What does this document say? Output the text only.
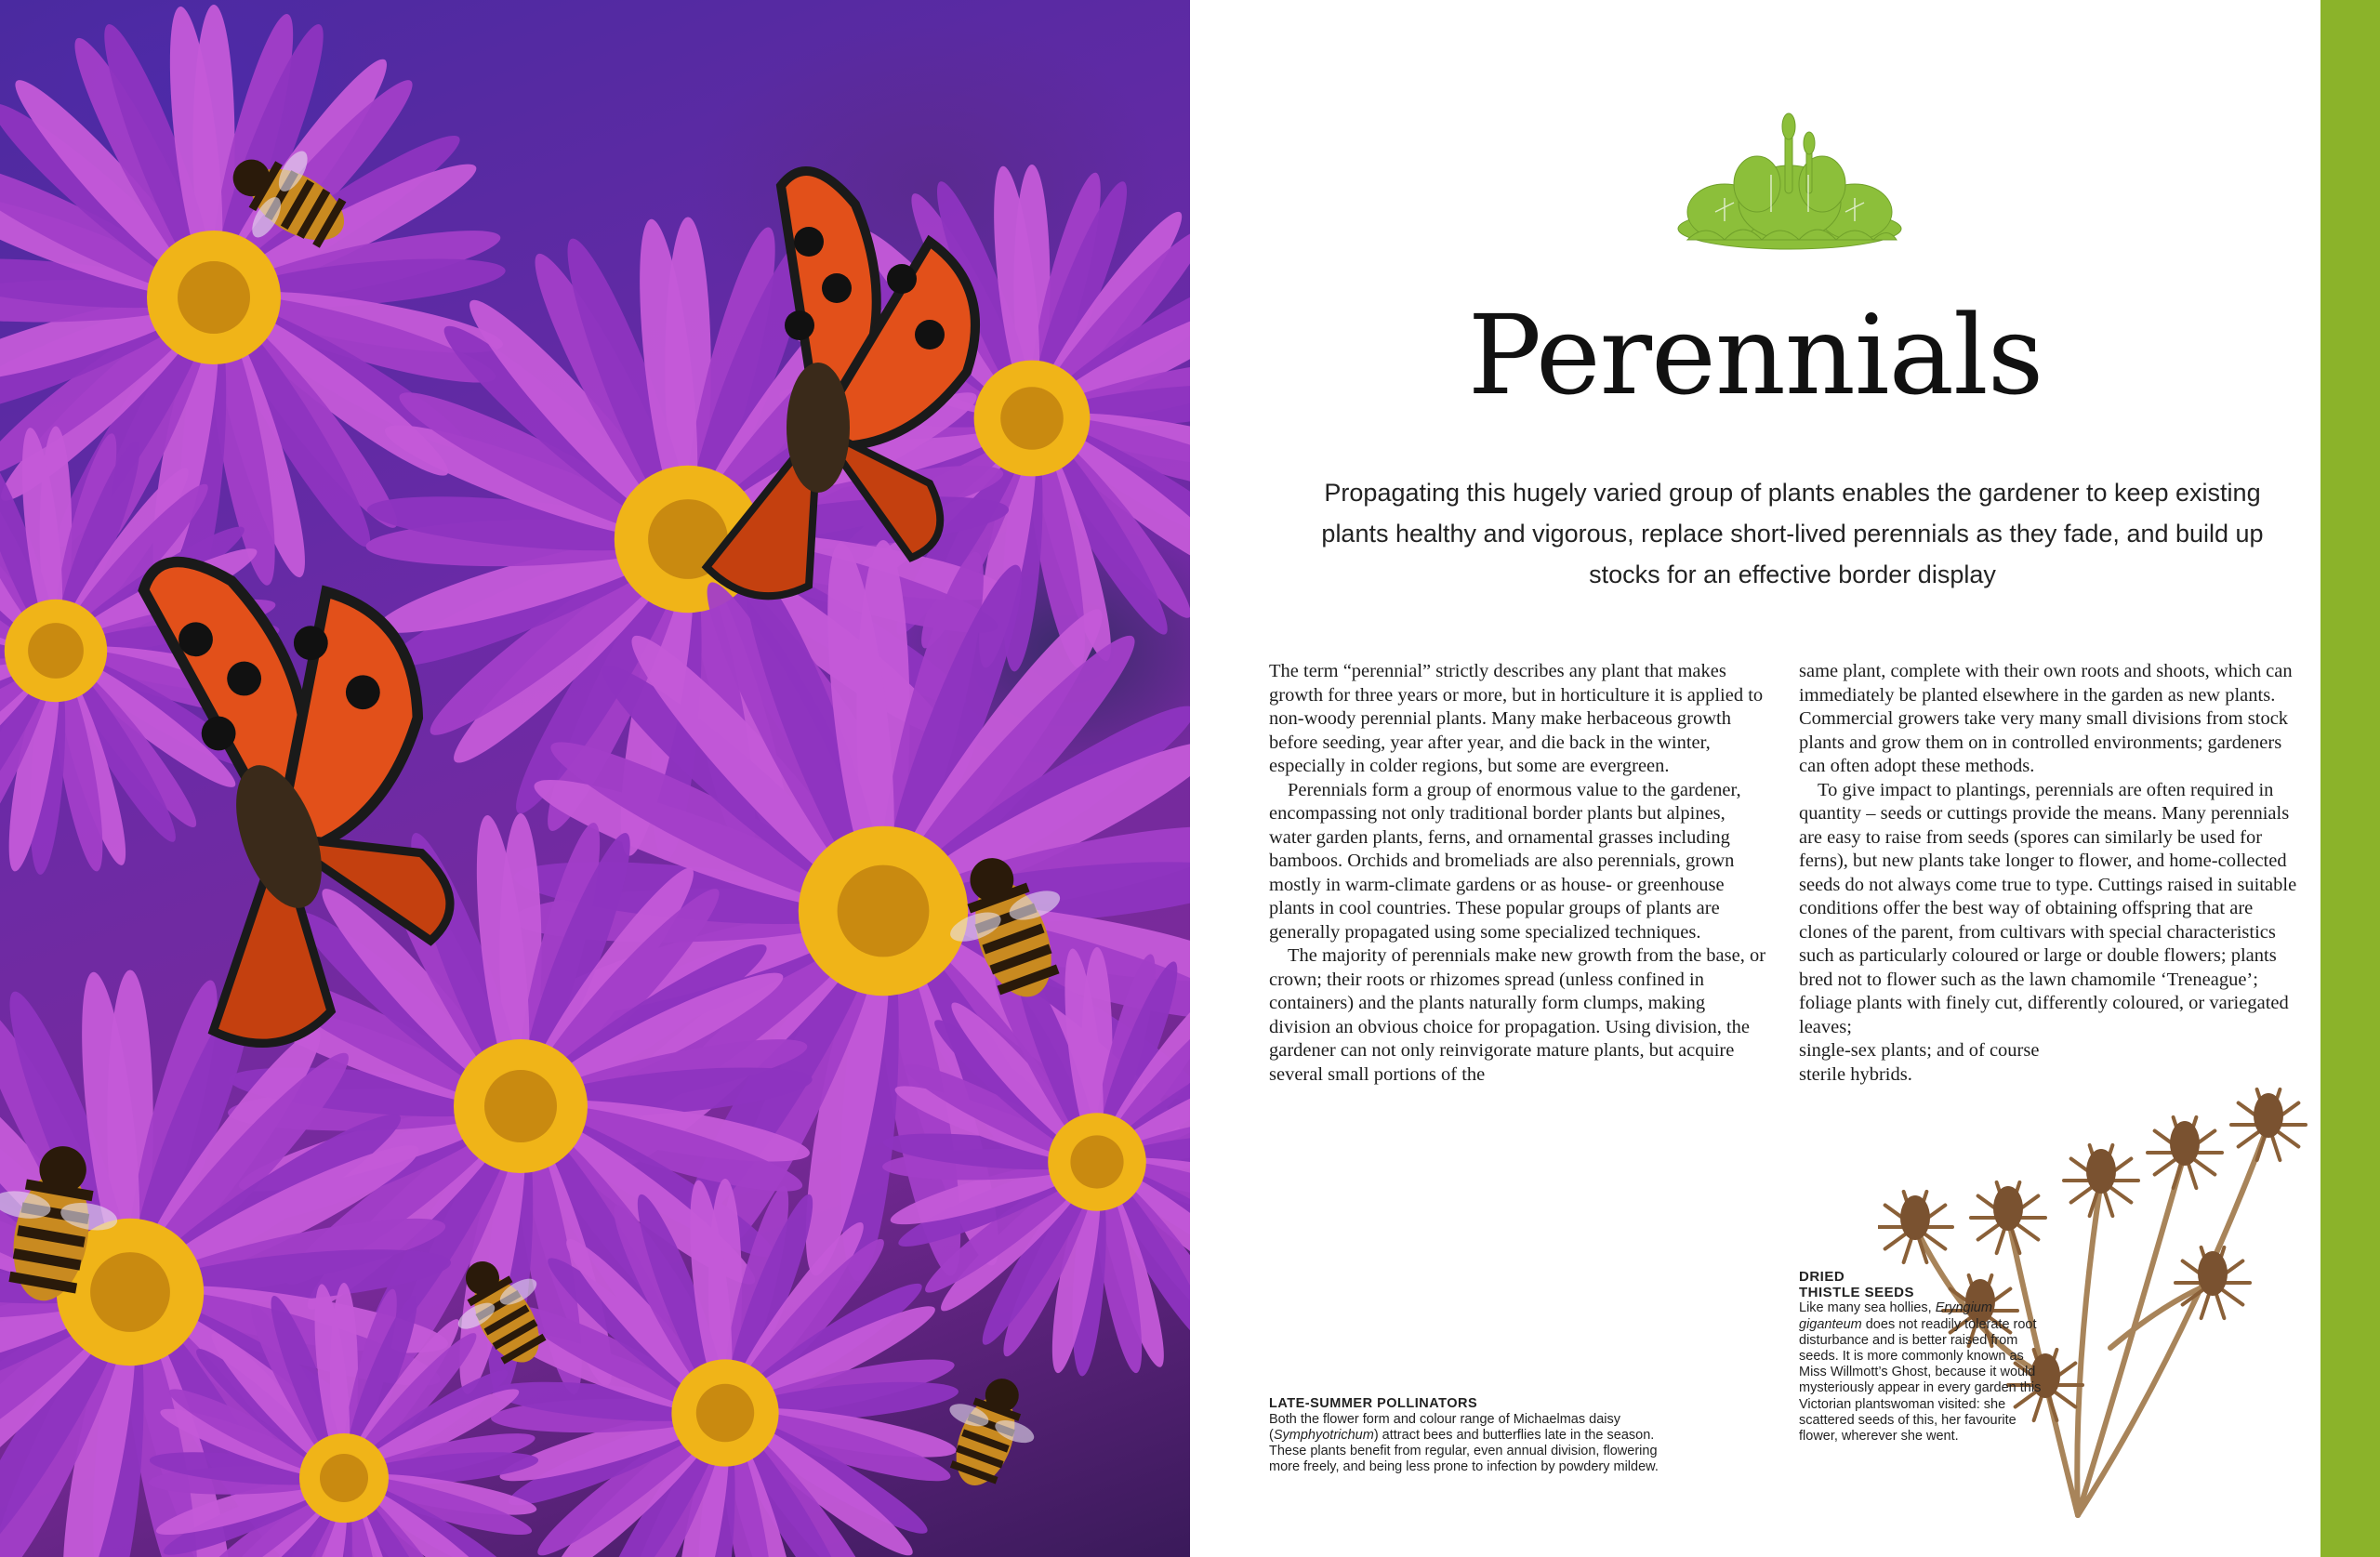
LATE-SUMMER POLLINATORS
Both the flower form and colour range of Michaelmas daisy (Symphyotrichum) attract bees and butterflies late in the season. These plants benefit from regular, even annual division, flowering more freely, and being less prone to infection by powdery mildew.
Perennials
Propagating this hugely varied group of plants enables the gardener to keep existing plants healthy and vigorous, replace short-lived perennials as they fade, and build up stocks for an effective border display

The term “perennial” strictly describes any plant that makes growth for three years or more, but in horticulture it is applied to non-woody perennial plants. Many make herbaceous growth before seeding, year after year, and die back in the winter, especially in colder regions, but some are evergreen.

Perennials form a group of enormous value to the gardener, encompassing not only traditional border plants but alpines, water garden plants, ferns, and ornamental grasses including bamboos. Orchids and bromeliads are also perennials, grown mostly in warm-climate gardens or as house- or greenhouse plants in cool countries. These popular groups of plants are generally propagated using some specialized techniques.

The majority of perennials make new growth from the base, or crown; their roots or rhizomes spread (unless confined in containers) and the plants naturally form clumps, making division an obvious choice for propagation. Using division, the gardener can not only reinvigorate mature plants, but acquire several small portions of the

same plant, complete with their own roots and shoots, which can immediately be planted elsewhere in the garden as new plants. Commercial growers take very many small divisions from stock plants and grow them on in controlled environments; gardeners can often adopt these methods.

To give impact to plantings, perennials are often required in quantity – seeds or cuttings provide the means. Many perennials are easy to raise from seeds (spores can similarly be used for ferns), but new plants take longer to flower, and home-collected seeds do not always come true to type. Cuttings raised in suitable conditions offer the best way of obtaining offspring that are clones of the parent, from cultivars with special characteristics such as particularly coloured or large or double flowers; plants bred not to flower such as the lawn chamomile ‘Treneague’; foliage plants with finely cut, differently coloured, or variegated leaves;

single-sex plants; and of course

sterile hybrids.

DRIED
THISTLE SEEDS
Like many sea hollies, Eryngium giganteum does not readily tolerate root disturbance and is better raised from seeds. It is more commonly known as Miss Willmott’s Ghost, because it would mysteriously appear in every garden this Victorian plantswoman visited: she scattered seeds of this, her favourite flower, wherever she went.
